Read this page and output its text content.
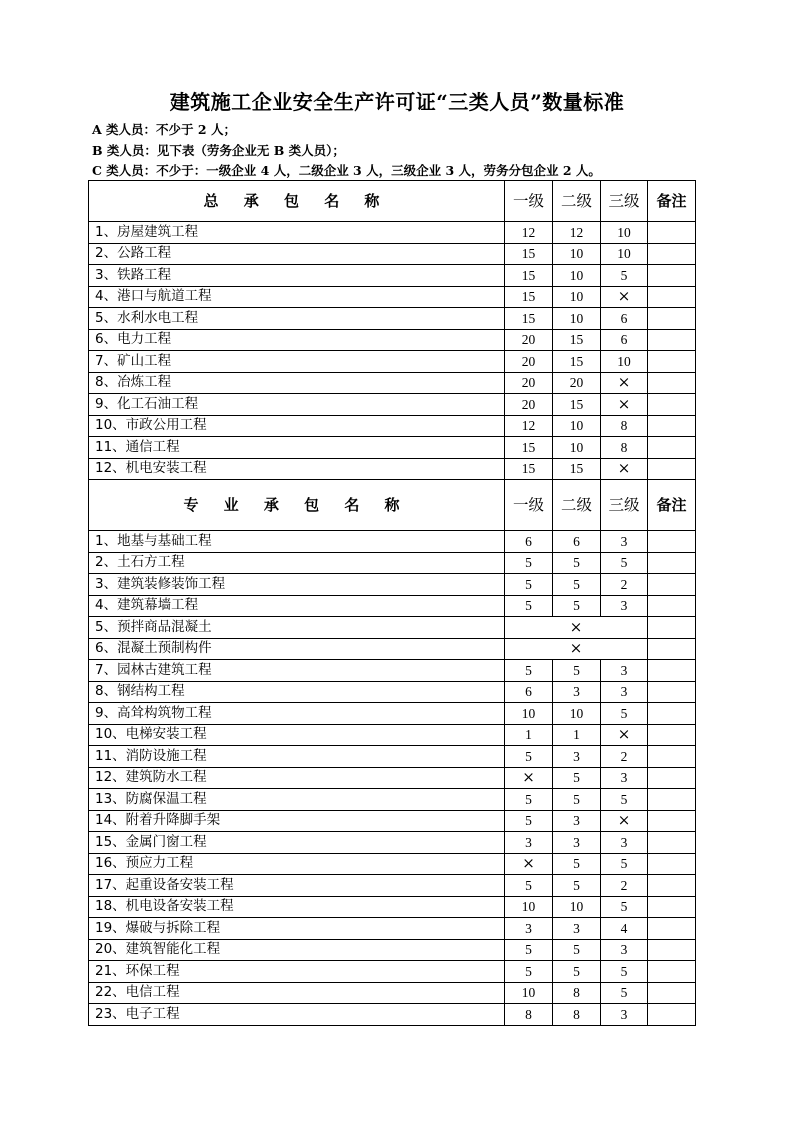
建筑施工企业安全生产许可证“三类人员”数量标准
A 类人员：不少于 2 人；
B 类人员：见下表（劳务企业无 B 类人员）；
C 类人员：不少于：一级企业 4 人，二级企业 3 人，三级企业 3 人，劳务分包企业 2 人。
总 承 包 名 称	一级	二级	三级	备注
1、房屋建筑工程	12	12	10	
2、公路工程	15	10	10	
3、铁路工程	15	10	5	
4、港口与航道工程	15	10	×	
5、水利水电工程	15	10	6	
6、电力工程	20	15	6	
7、矿山工程	20	15	10	
8、冶炼工程	20	20	×	
9、化工石油工程	20	15	×	
10、市政公用工程	12	10	8	
11、通信工程	15	10	8	
12、机电安装工程	15	15	×	
专 业 承 包 名 称	一级	二级	三级	备注
1、地基与基础工程	6	6	3	
2、土石方工程	5	5	5	
3、建筑装修装饰工程	5	5	2	
4、建筑幕墙工程	5	5	3	
5、预拌商品混凝土	×			
6、混凝土预制构件	×			
7、园林古建筑工程	5	5	3	
8、钢结构工程	6	3	3	
9、高耸构筑物工程	10	10	5	
10、电梯安装工程	1	1	×	
11、消防设施工程	5	3	2	
12、建筑防水工程	×	5	3	
13、防腐保温工程	5	5	5	
14、附着升降脚手架	5	3	×	
15、金属门窗工程	3	3	3	
16、预应力工程	×	5	5	
17、起重设备安装工程	5	5	2	
18、机电设备安装工程	10	10	5	
19、爆破与拆除工程	3	3	4	
20、建筑智能化工程	5	5	3	
21、环保工程	5	5	5	
22、电信工程	10	8	5	
23、电子工程	8	8	3	
